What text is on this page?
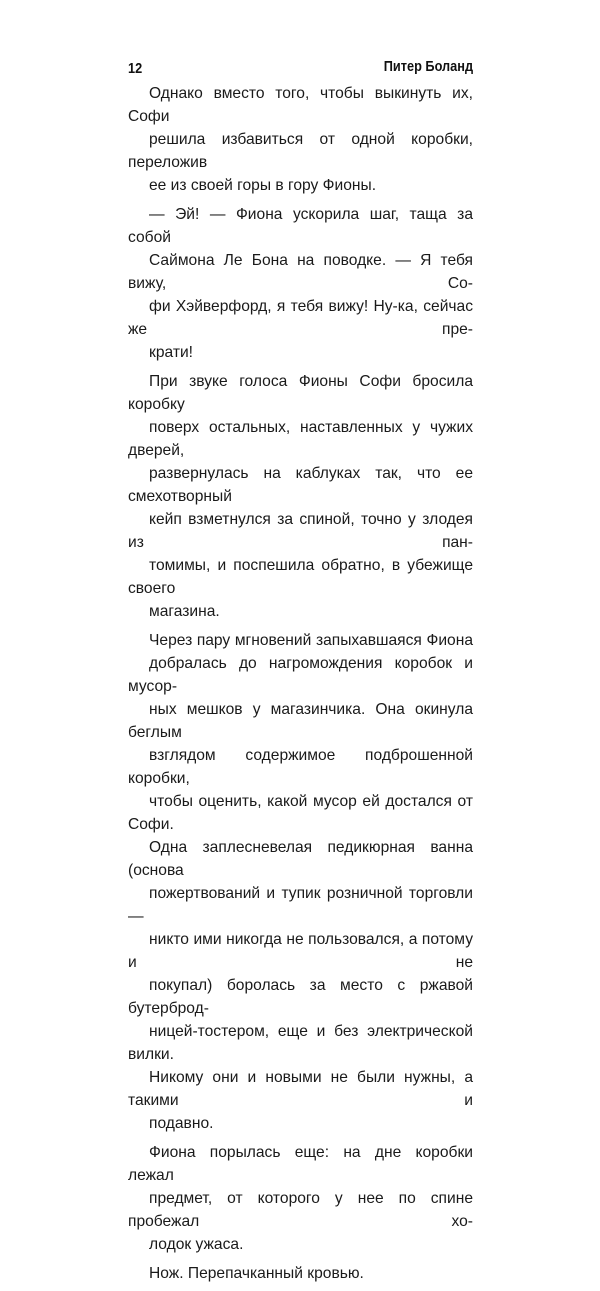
12	Питер Боланд

Однако вместо того, чтобы выкинуть их, Софи
решила избавиться от одной коробки, переложив
ее из своей горы в гору Фионы.

— Эй! — Фиона ускорила шаг, таща за собой
Саймона Ле Бона на поводке. — Я тебя вижу, Со-
фи Хэйверфорд, я тебя вижу! Ну-ка, сейчас же пре-
крати!

При звуке голоса Фионы Софи бросила коробку
поверх остальных, наставленных у чужих дверей,
развернулась на каблуках так, что ее смехотворный
кейп взметнулся за спиной, точно у злодея из пан-
томимы, и поспешила обратно, в убежище своего
магазина.

Через пару мгновений запыхавшаяся Фиона
добралась до нагромождения коробок и мусор-
ных мешков у магазинчика. Она окинула беглым
взглядом содержимое подброшенной коробки,
чтобы оценить, какой мусор ей достался от Софи.
Одна заплесневелая педикюрная ванна (основа
пожертвований и тупик розничной торговли —
никто ими никогда не пользовался, а потому и не
покупал) боролась за место с ржавой бутерброд-
ницей-тостером, еще и без электрической вилки.
Никому они и новыми не были нужны, а такими и
подавно.

Фиона порылась еще: на дне коробки лежал
предмет, от которого у нее по спине пробежал хо-
лодок ужаса.

Нож. Перепачканный кровью.
